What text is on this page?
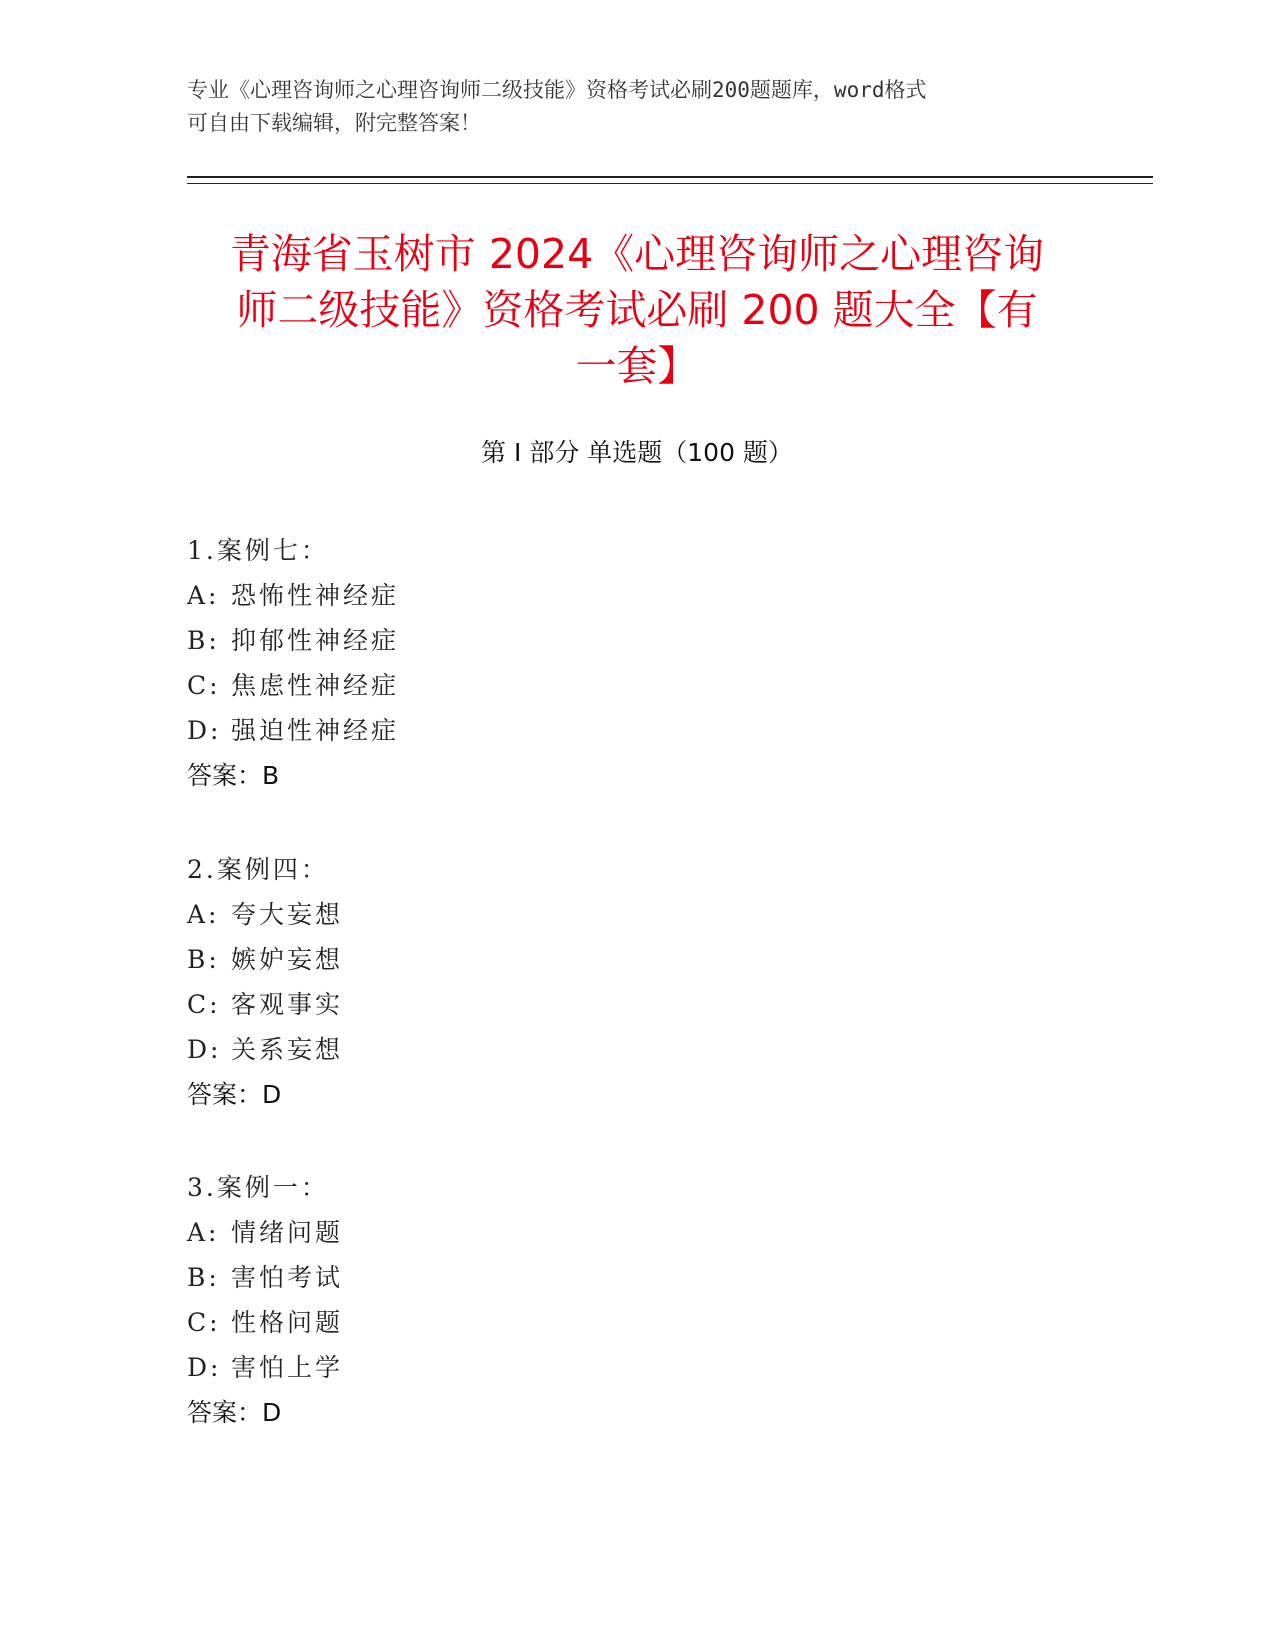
专业《心理咨询师之心理咨询师二级技能》资格考试必刷200题题库，word格式
可自由下载编辑，附完整答案！
青海省玉树市 2024《心理咨询师之心理咨询
师二级技能》资格考试必刷 200 题大全【有
一套】
第 I 部分 单选题（100 题）
1.案例七：
A: 恐怖性神经症
B: 抑郁性神经症
C: 焦虑性神经症
D: 强迫性神经症
答案：B
2.案例四：
A: 夸大妄想
B: 嫉妒妄想
C: 客观事实
D: 关系妄想
答案：D
3.案例一：
A: 情绪问题
B: 害怕考试
C: 性格问题
D: 害怕上学
答案：D
